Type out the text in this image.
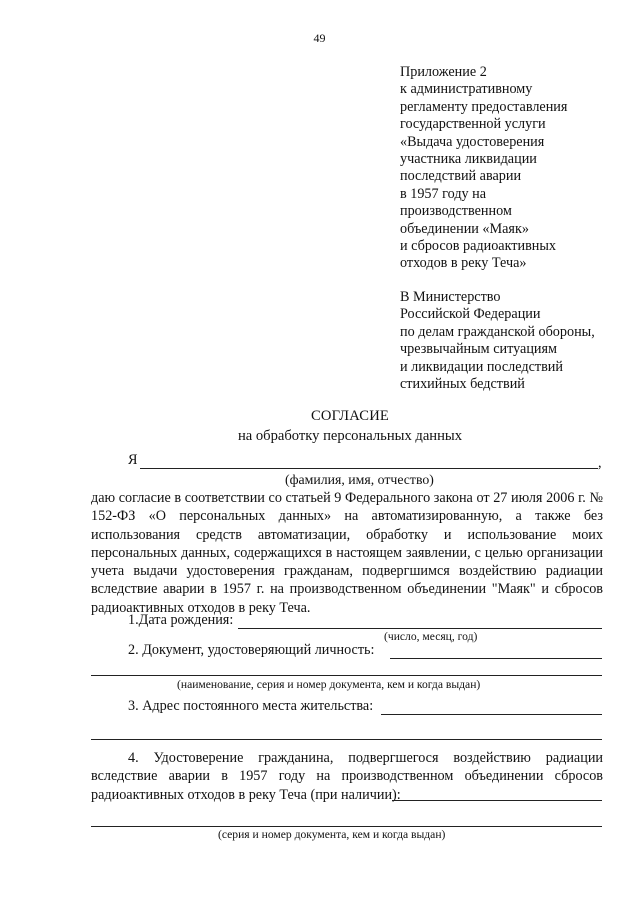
49
Приложение 2
к административному
регламенту предоставления
государственной услуги
«Выдача удостоверения
участника ликвидации
последствий аварии
в 1957 году на
производственном
объединении «Маяк»
и сбросов радиоактивных
отходов в реку Теча»
В Министерство
Российской Федерации
по делам гражданской обороны,
чрезвычайным ситуациям
и ликвидации последствий
стихийных бедствий
СОГЛАСИЕ
на обработку персональных данных
Я	,
(фамилия, имя, отчество)
даю согласие в соответствии со статьей 9 Федерального закона от 27 июля 2006 г. № 152-ФЗ «О персональных данных» на автоматизированную, а также без использования средств автоматизации, обработку и использование моих персональных данных, содержащихся в настоящем заявлении, с целью организации учета выдачи удостоверения гражданам, подвергшимся воздействию радиации вследствие аварии в 1957 г. на производственном объединении "Маяк" и сбросов радиоактивных отходов в реку Теча.
1.Дата рождения:
(число, месяц, год)
2. Документ, удостоверяющий личность:
(наименование, серия и номер документа, кем и когда выдан)
3. Адрес постоянного места жительства:
4. Удостоверение гражданина, подвергшегося воздействию радиации вследствие аварии в 1957 году на производственном объединении сбросов радиоактивных отходов в реку Теча (при наличии):
(серия и номер документа, кем и когда выдан)
